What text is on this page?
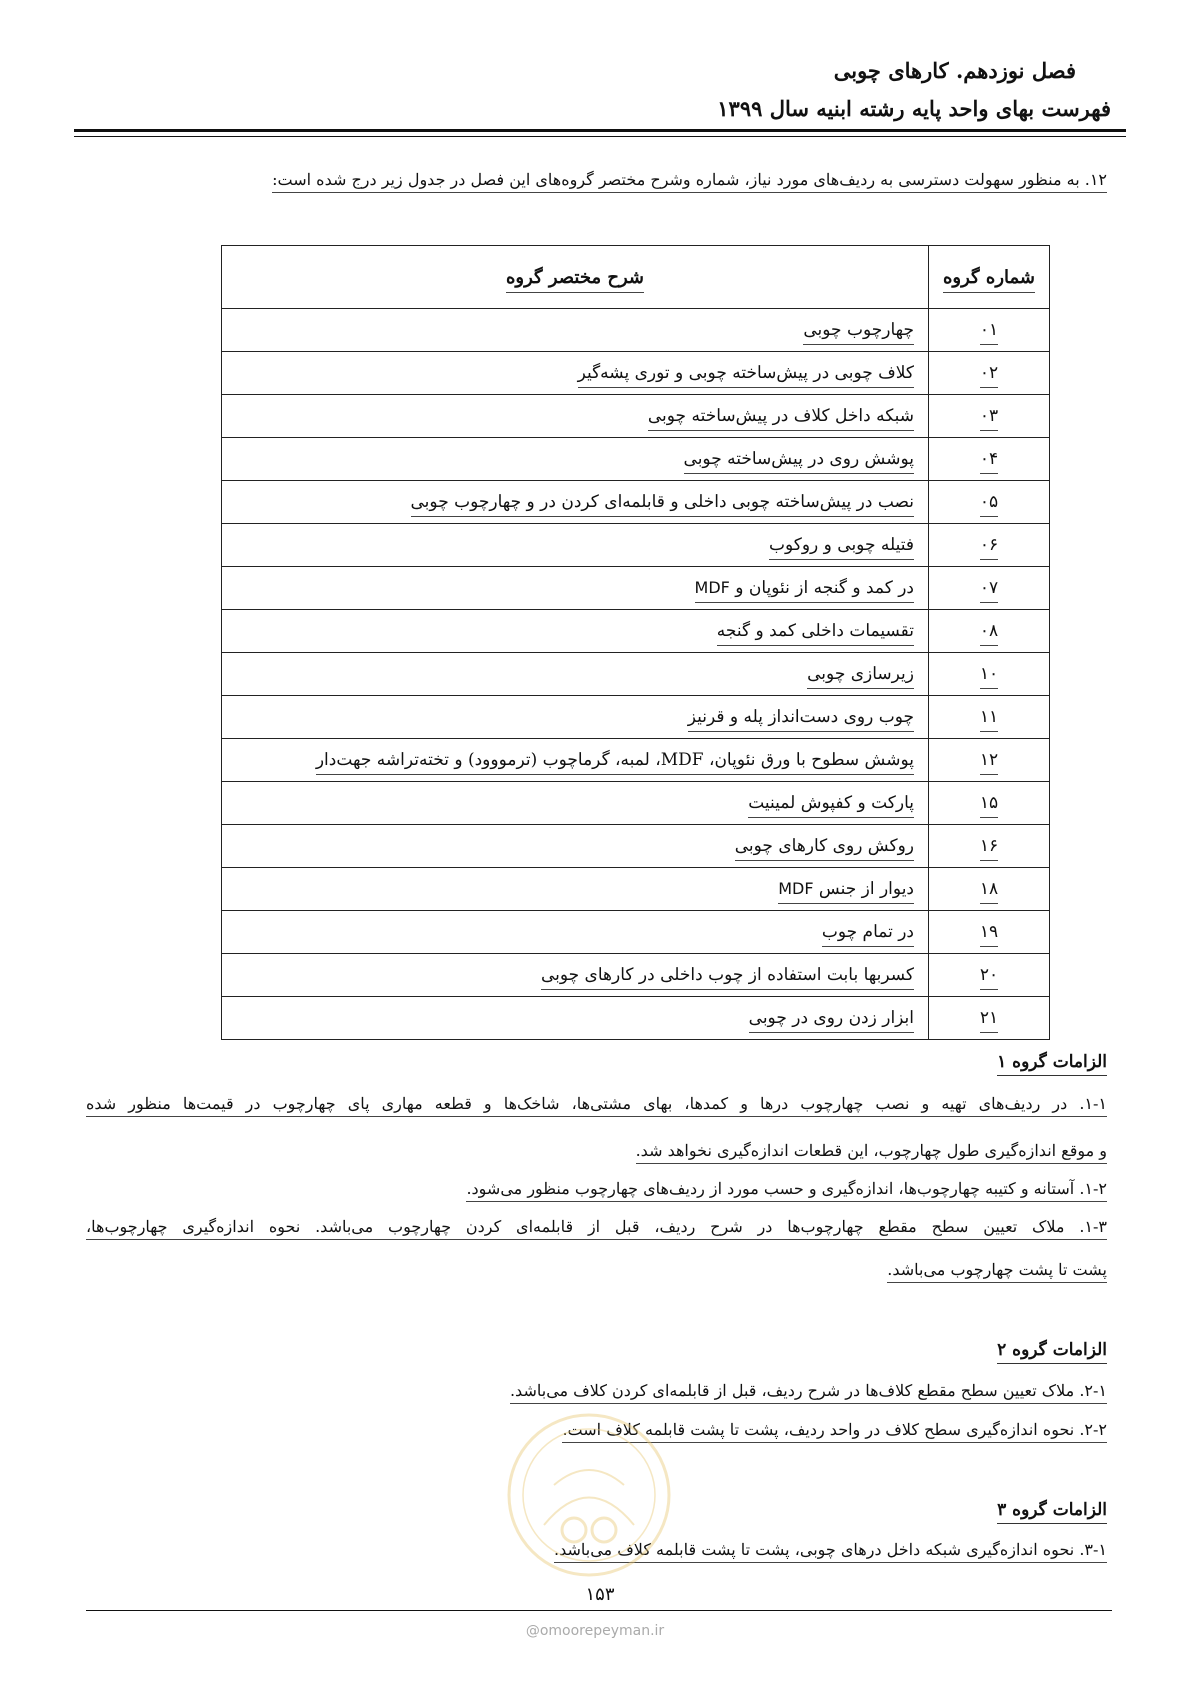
فصل نوزدهم. کارهای چوبی
فهرست بهای واحد پایه رشته ابنیه سال ۱۳۹۹
۱۲. به منظور سهولت دسترسی به ردیف‌های مورد نیاز، شماره وشرح مختصر گروه‌های این فصل در جدول زیر درج شده است:
شماره گروه	شرح مختصر گروه
۰۱	چهارچوب چوبی
۰۲	کلاف چوبی در پیش‌ساخته چوبی و توری پشه‌گیر
۰۳	شبکه داخل کلاف در پیش‌ساخته چوبی
۰۴	پوشش روی در پیش‌ساخته چوبی
۰۵	نصب در پیش‌ساخته چوبی داخلی و قابلمه‌ای کردن در و چهارچوب چوبی
۰۶	فتیله چوبی و روکوب
۰۷	در کمد و گنجه از نئوپان و MDF
۰۸	تقسیمات داخلی کمد و گنجه
۱۰	زیرسازی چوبی
۱۱	چوب روی دست‌انداز پله و قرنیز
۱۲	پوشش سطوح با ورق نئوپان، MDF، لمبه، گرماچوب (ترمووود) و تخته‌تراشه جهت‌دار
۱۵	پارکت و کفپوش لمینیت
۱۶	روکش روی کارهای چوبی
۱۸	دیوار از جنس MDF
۱۹	در تمام چوب
۲۰	کسربها بابت استفاده از چوب داخلی در کارهای چوبی
۲۱	ابزار زدن روی در چوبی
الزامات گروه ۱
۱-۱. در ردیف‌های تهیه و نصب چهارچوب درها و کمدها، بهای مشتی‌ها، شاخک‌ها و قطعه مهاری پای چهارچوب در قیمت‌ها منظور شده
و موقع اندازه‌گیری طول چهارچوب، این قطعات اندازه‌گیری نخواهد شد.
۱-۲. آستانه و کتیبه چهارچوب‌ها، اندازه‌گیری و حسب مورد از ردیف‌های چهارچوب منظور می‌شود.
۱-۳. ملاک تعیین سطح مقطع چهارچوب‌ها در شرح ردیف، قبل از قابلمه‌ای کردن چهارچوب می‌باشد. نحوه اندازه‌گیری چهارچوب‌ها،
پشت تا پشت چهارچوب می‌باشد.
الزامات گروه ۲
۲-۱. ملاک تعیین سطح مقطع کلاف‌ها در شرح ردیف، قبل از قابلمه‌ای کردن کلاف می‌باشد.
۲-۲. نحوه اندازه‌گیری سطح کلاف در واحد ردیف، پشت تا پشت قابلمه کلاف است.
الزامات گروه ۳
۳-۱. نحوه اندازه‌گیری شبکه داخل درهای چوبی، پشت تا پشت قابلمه کلاف می‌باشد.
۱۵۳
@omoorepeyman.ir
